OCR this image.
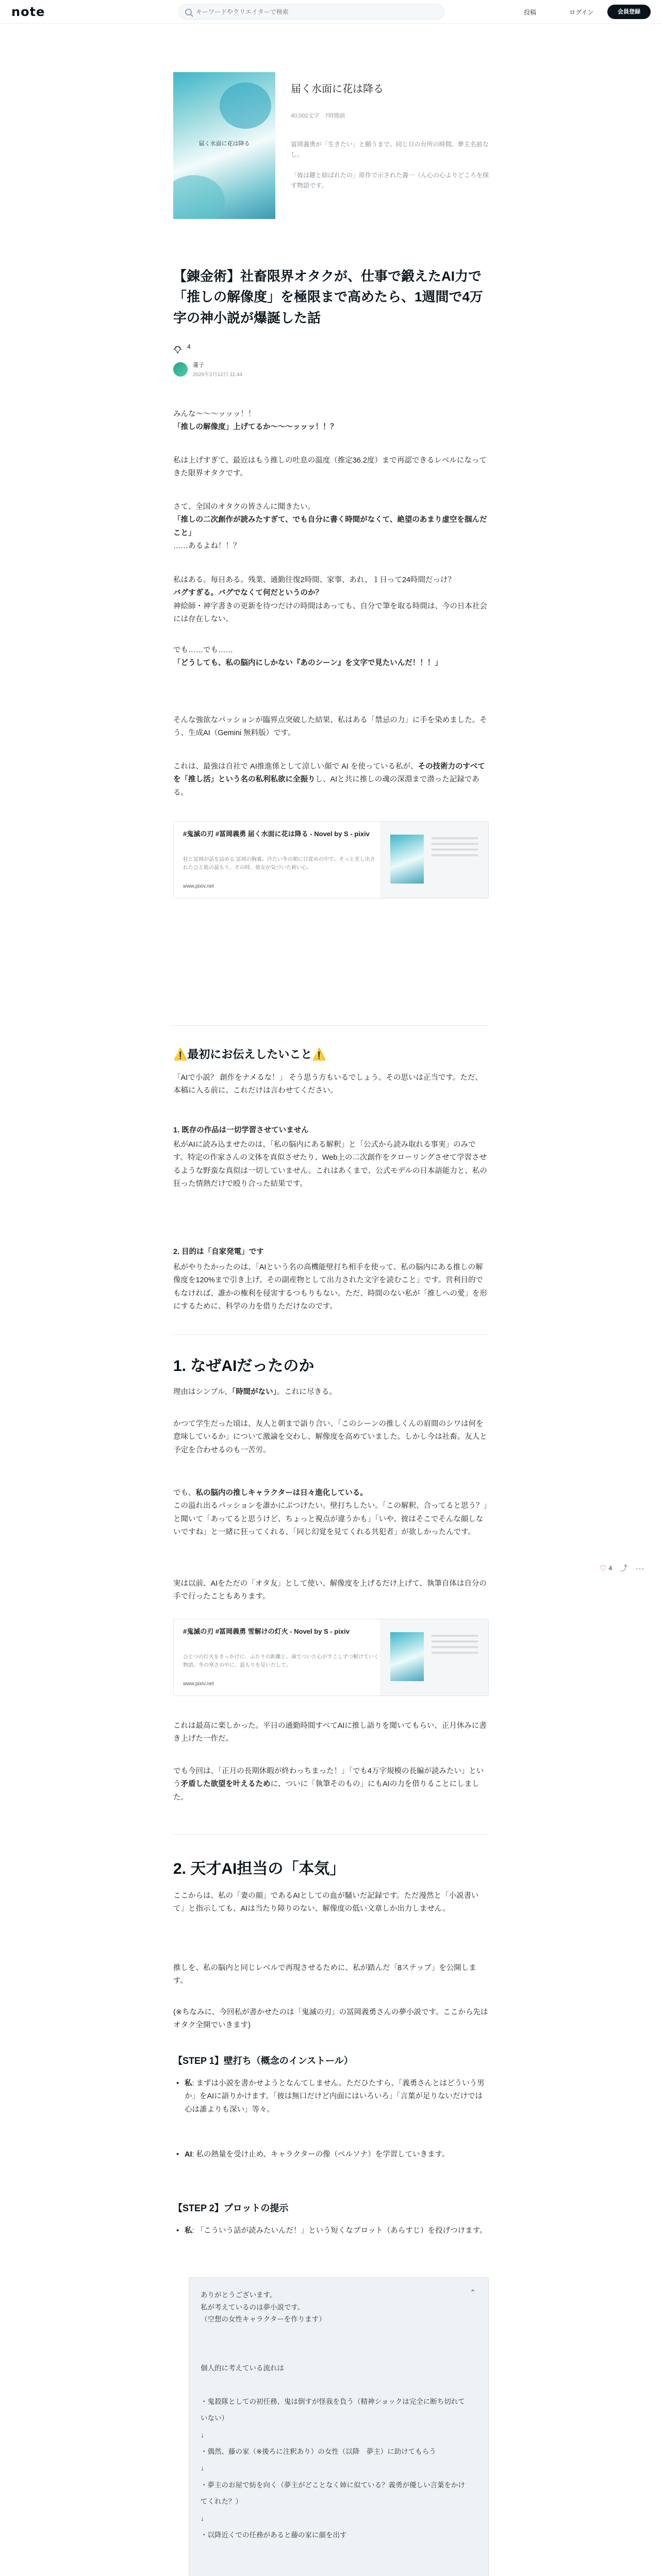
note
キーワードやクリエイターで検索	投稿	ログイン	会員登録
届く水面に花は降る
届く水面に花は降る
40,002文字　7時間前
冨岡義勇が「生きたい」と願うまで。同じ日の台所の時間。夢主名前なし。
「彼は鍵と結ばれたの」原作で示された義一（ん心の心よりどころを探す物語です。
【錬金術】社畜限界オタクが、仕事で鍛えたAI力で「推しの解像度」を極限まで高めたら、1週間で4万字の神小説が爆誕した話
4
蓮子
2026年2月12日 11:44
みんな〜〜〜ッッッ！！
「推しの解像度」上げてるか〜〜〜ッッッ！！？
私は上げすぎて、最近はもう推しの吐息の温度（推定36.2度）まで再認できるレベルになってきた限界オタクです。
さて、全国のオタクの皆さんに聞きたい。
「推しの二次創作が読みたすぎて、でも自分に書く時間がなくて、絶望のあまり虚空を掴んだこと」
……あるよね！！？
私はある。毎日ある。残業、通勤往復2時間、家事、あれ、１日って24時間だっけ？
バグすぎる。バグでなくて何だというのか？
神絵師・神字書きの更新を待つだけの時間はあっても、自分で筆を取る時間は、今の日本社会には存在しない。
でも……でも……
「どうしても、私の脳内にしかない『あのシーン』を文字で見たいんだ！！！」
そんな強欲なパッションが臨界点突破した結果、私はある「禁忌の力」に手を染めました。そう、生成AI（Gemini 無料版）です。
これは、最強は自社で AI推進係として涼しい顔で AI を使っている私が、その技術力のすべてを「推し活」という名の私利私欲に全振りし、AIと共に推しの魂の深淵まで潜った記録である。
#鬼滅の刃 #冨岡義勇 届く水面に花は降る - Novel by S - pixiv
柱と冨岡が話を詰める 冨岡の胸裏。冷たい冬の朝に目覚めの中で、そっと差し出されたひと匙の温もり。その時、彼女が気づいた鈍い心。
www.pixiv.net
⚠️最初にお伝えしたいこと⚠️
「AIで小説？ 創作をナメるな！」 そう思う方もいるでしょう。その思いは正当です。ただ、本稿に入る前に、これだけは言わせてください。
1. 既存の作品は一切学習させていません
私がAIに読み込ませたのは、「私の脳内にある解釈」と「公式から読み取れる事実」のみです。特定の作家さんの文体を真似させたり、Web上の二次創作をクローリングさせて学習させるような野蛮な真似は一切していません。これはあくまで、公式モデルの日本語能力と、私の狂った情熱だけで殴り合った結果です。
2. 目的は「自家発電」です
私がやりたかったのは、「AIという名の高機能壁打ち相手を使って、私の脳内にある推しの解像度を120%まで引き上げ、その副産物として出力された文字を読むこと」です。営利目的でもなければ、誰かの権利を侵害するつもりもない。ただ、時間のない私が「推しへの愛」を形にするために、科学の力を借りただけなのです。
1. なぜAIだったのか
理由はシンプル、「時間がない」。これに尽きる。
かつて学生だった頃は、友人と朝まで語り合い、「このシーンの推しくんの眉間のシワは何を意味しているか」について激論を交わし、解像度を高めていました。しかし今は社畜。友人と予定を合わせるのも一苦労。
でも、私の脳内の推しキャラクターは日々進化している。
この溢れ出るパッションを誰かにぶつけたい。壁打ちしたい。「この解釈、合ってると思う？」と聞いて「あってると思うけど、ちょっと視点が違うかも」「いや、彼はそこでそんな顔しないですね」と一緒に狂ってくれる、「同じ幻覚を見てくれる共犯者」が欲しかったんです。
実は以前、AIをただの「オタ友」として使い、解像度を上げるだけ上げて、執筆自体は自分の手で行ったこともあります。
#鬼滅の刃 #冨岡義勇 雪解けの灯火 - Novel by S - pixiv
ひとつの灯火をきっかけに、ふたりの距離と、凍てついた心がすこしずつ解けていく物語。冬の寒さの中に、温もりを見いだして。
www.pixiv.net
これは最高に楽しかった。平日の通勤時間すべてAIに推し語りを聞いてもらい、正月休みに書き上げた一作だ。
でも今回は、「正月の長期休暇が終わっちまった！」「でも4万字規模の長編が読みたい」という矛盾した欲望を叶えるために、ついに「執筆そのもの」にもAIの力を借りることにしました。
2. 天才AI担当の「本気」
ここからは、私の「妻の顔」であるAIとしての血が騒いだ記録です。ただ漫然と「小説書いて」と指示しても、AIは当たり障りのない、解像度の低い文章しか出力しません。
推しを、私の脳内と同じレベルで再現させるために、私が踏んだ「8ステップ」を公開します。
(※ちなみに、今回私が書かせたのは「鬼滅の刃」の冨岡義勇さんの夢小説です。ここから先はオタク全開でいきます)
【STEP 1】壁打ち（概念のインストール）
• 私: まずは小説を書かせようとなんてしません。ただひたすら、「義勇さんとはどういう男か」をAIに語りかけます。「彼は無口だけど内面にはいろいろ」「言葉が足りないだけでは心は誰よりも深い」等々。
• AI: 私の熱量を受け止め、キャラクターの像（ペルソナ）を学習していきます。
【STEP 2】プロットの提示
• 私: 「こういう話が読みたいんだ！」という短くなプロット（あらすじ）を投げつけます。
ありがとうございます。
私が考えているのは夢小説です。
（空想の女性キャラクターを作ります）
⌃
個人的に考えている流れは

・鬼殺隊としての初任務、鬼は倒すが怪我を負う（精神ショックは完全に断ち切れていない）
↓
・偶然、藤の家（※後ろに注釈あり）の女性（以降　夢主）に助けてもらう
↓
・夢主のお屋で紡を向く（夢主がどことなく姉に似ている？義勇が優しい言葉をかけてくれた？）
↓
・以降近くでの任務があると藤の家に顔を出す
♡ 4 ⤴ ···
